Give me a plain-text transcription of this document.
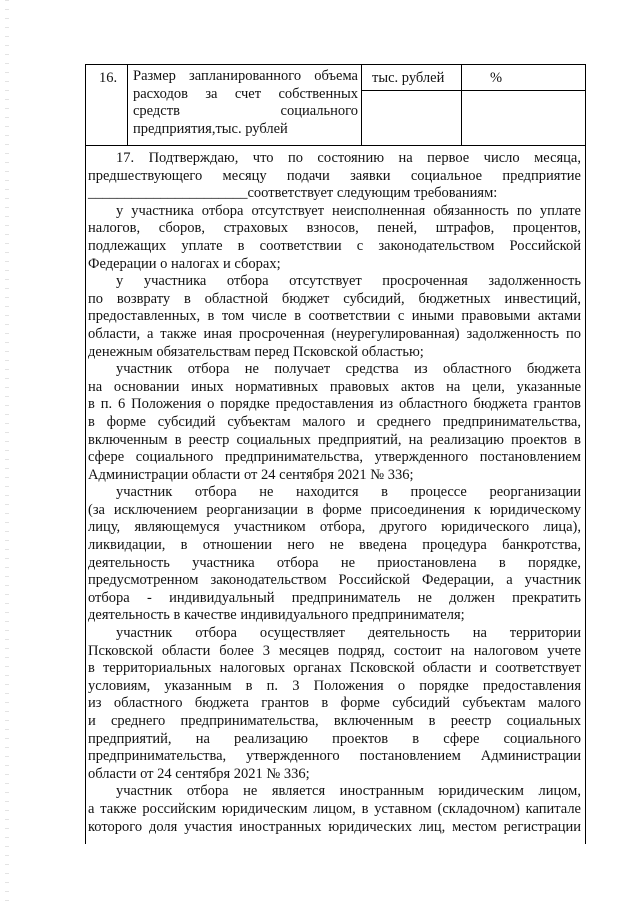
16. Размер запланированного объема
расходов за счет собственных
средств социального
предприятия,тыс. рублей
тыс. рублей	%
17. Подтверждаю, что по состоянию на первое число месяца,
предшествующего месяцу подачи заявки социальное предприятие
______________________соответствует следующим требованиям:
у участника отбора отсутствует неисполненная обязанность по уплате
налогов, сборов, страховых взносов, пеней, штрафов, процентов,
подлежащих уплате в соответствии с законодательством Российской
Федерации о налогах и сборах;
у участника отбора отсутствует просроченная задолженность
по возврату в областной бюджет субсидий, бюджетных инвестиций,
предоставленных, в том числе в соответствии с иными правовыми актами
области, а также иная просроченная (неурегулированная) задолженность по
денежным обязательствам перед Псковской областью;
участник отбора не получает средства из областного бюджета
на основании иных нормативных правовых актов на цели, указанные
в п. 6 Положения о порядке предоставления из областного бюджета грантов
в форме субсидий субъектам малого и среднего предпринимательства,
включенным в реестр социальных предприятий, на реализацию проектов в
сфере социального предпринимательства, утвержденного постановлением
Администрации области от 24 сентября 2021 № 336;
участник отбора не находится в процессе реорганизации
(за исключением реорганизации в форме присоединения к юридическому
лицу, являющемуся участником отбора, другого юридического лица),
ликвидации, в отношении него не введена процедура банкротства,
деятельность участника отбора не приостановлена в порядке,
предусмотренном законодательством Российской Федерации, а участник
отбора - индивидуальный предприниматель не должен прекратить
деятельность в качестве индивидуального предпринимателя;
участник отбора осуществляет деятельность на территории
Псковской области более 3 месяцев подряд, состоит на налоговом учете
в территориальных налоговых органах Псковской области и соответствует
условиям, указанным в п. 3 Положения о порядке предоставления
из областного бюджета грантов в форме субсидий субъектам малого
и среднего предпринимательства, включенным в реестр социальных
предприятий, на реализацию проектов в сфере социального
предпринимательства, утвержденного постановлением Администрации
области от 24 сентября 2021 № 336;
участник отбора не является иностранным юридическим лицом,
а также российским юридическим лицом, в уставном (складочном) капитале
которого доля участия иностранных юридических лиц, местом регистрации
